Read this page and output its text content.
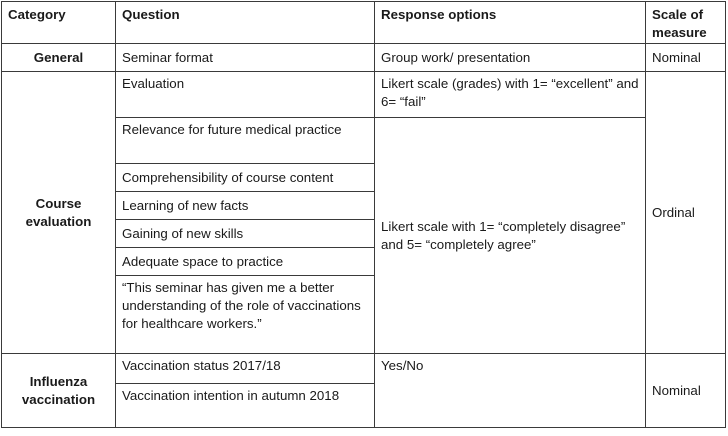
Category	Question	Response options	Scale of measure
General	Seminar format	Group work/ presentation	Nominal
Course evaluation	Evaluation	Likert scale (grades) with 1= “excellent” and 6= “fail”	Ordinal
	Relevance for future medical practice	Likert scale with 1= “completely disagree” and 5= “completely agree”	
	Comprehensibility of course content		
	Learning of new facts		
	Gaining of new skills		
	Adequate space to practice		
	“This seminar has given me a better understanding of the role of vaccinations for healthcare workers.”		
Influenza vaccination	Vaccination status 2017/18	Yes/No	Nominal
	Vaccination intention in autumn 2018		
